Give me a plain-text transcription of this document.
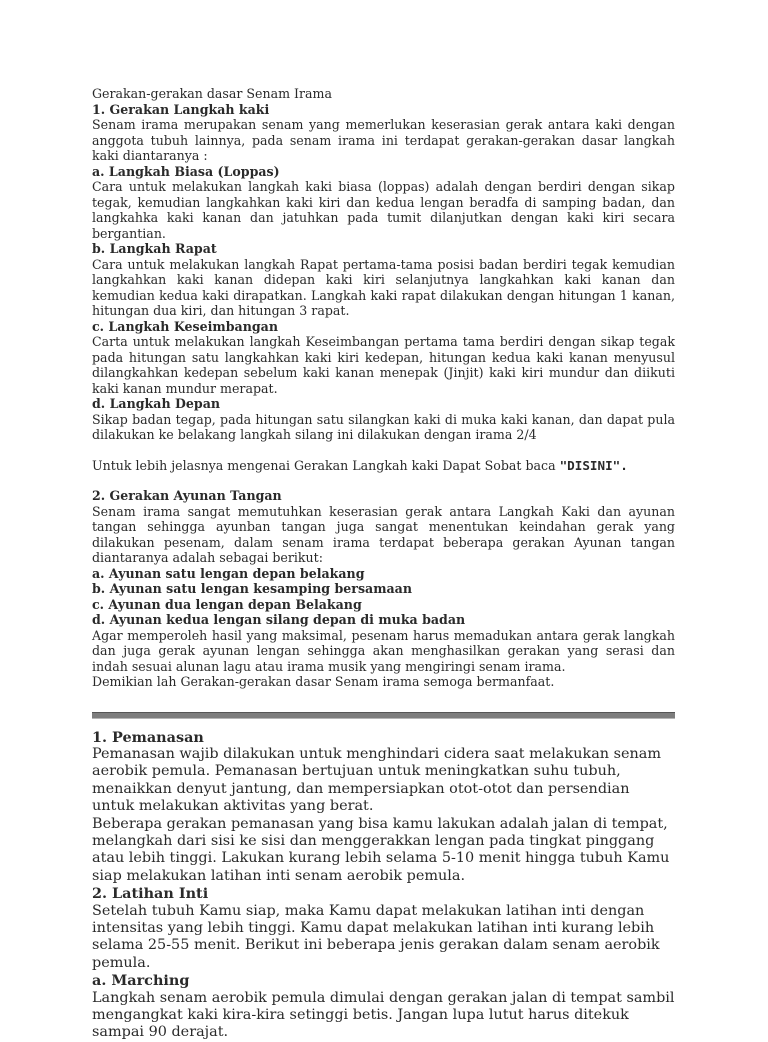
Gerakan-gerakan dasar Senam Irama
1. Gerakan Langkah kaki

Senam irama merupakan senam yang memerlukan keserasian gerak antara kaki dengan anggota tubuh lainnya, pada senam irama ini terdapat gerakan-gerakan dasar langkah kaki diantaranya :

a. Langkah Biasa (Loppas)

Cara untuk melakukan langkah kaki biasa (loppas) adalah dengan berdiri dengan sikap tegak, kemudian langkahkan kaki kiri dan kedua lengan beradfa di samping badan, dan langkahka kaki kanan dan jatuhkan pada tumit dilanjutkan dengan kaki kiri secara bergantian.

b. Langkah Rapat

Cara untuk melakukan langkah Rapat pertama-tama posisi badan berdiri tegak kemudian langkahkan kaki kanan didepan kaki kiri selanjutnya langkahkan kaki kanan dan kemudian kedua kaki dirapatkan. Langkah kaki rapat dilakukan dengan hitungan 1 kanan, hitungan dua kiri, dan hitungan 3 rapat.

c. Langkah Keseimbangan

Carta untuk melakukan langkah Keseimbangan pertama tama berdiri dengan sikap tegak pada hitungan satu langkahkan kaki kiri kedepan, hitungan kedua kaki kanan menyusul dilangkahkan kedepan sebelum kaki kanan menepak (Jinjit) kaki kiri mundur dan diikuti kaki kanan mundur merapat.

d. Langkah Depan

Sikap badan tegap, pada hitungan satu silangkan kaki di muka kaki kanan, dan dapat pula dilakukan ke belakang langkah silang ini dilakukan dengan irama 2/4

Untuk lebih jelasnya mengenai Gerakan Langkah kaki Dapat Sobat baca "DISINI".

2. Gerakan Ayunan Tangan

Senam irama sangat memutuhkan keserasian gerak antara Langkah Kaki dan ayunan tangan sehingga ayunban tangan juga sangat menentukan keindahan gerak yang dilakukan pesenam, dalam senam irama terdapat beberapa gerakan Ayunan tangan diantaranya adalah sebagai berikut:

a. Ayunan satu lengan depan belakang
b. Ayunan satu lengan kesamping bersamaan
c. Ayunan dua lengan depan Belakang
d. Ayunan kedua lengan silang depan di muka badan

Agar memperoleh hasil yang maksimal, pesenam harus memadukan antara gerak langkah dan juga gerak ayunan lengan sehingga akan menghasilkan gerakan yang serasi dan indah sesuai alunan lagu atau irama musik yang mengiringi senam irama.

Demikian lah Gerakan-gerakan dasar Senam irama semoga bermanfaat.

1. Pemanasan

Pemanasan wajib dilakukan untuk menghindari cidera saat melakukan senam aerobik pemula. Pemanasan bertujuan untuk meningkatkan suhu tubuh, menaikkan denyut jantung, dan mempersiapkan otot-otot dan persendian untuk melakukan aktivitas yang berat.

Beberapa gerakan pemanasan yang bisa kamu lakukan adalah jalan di tempat, melangkah dari sisi ke sisi dan menggerakkan lengan pada tingkat pinggang atau lebih tinggi. Lakukan kurang lebih selama 5-10 menit hingga tubuh Kamu siap melakukan latihan inti senam aerobik pemula.

2. Latihan Inti

Setelah tubuh Kamu siap, maka Kamu dapat melakukan latihan inti dengan intensitas yang lebih tinggi. Kamu dapat melakukan latihan inti kurang lebih selama 25-55 menit. Berikut ini beberapa jenis gerakan dalam senam aerobik pemula.

a. Marching

Langkah senam aerobik pemula dimulai dengan gerakan jalan di tempat sambil mengangkat kaki kira-kira setinggi betis. Jangan lupa lutut harus ditekuk sampai 90 derajat.
